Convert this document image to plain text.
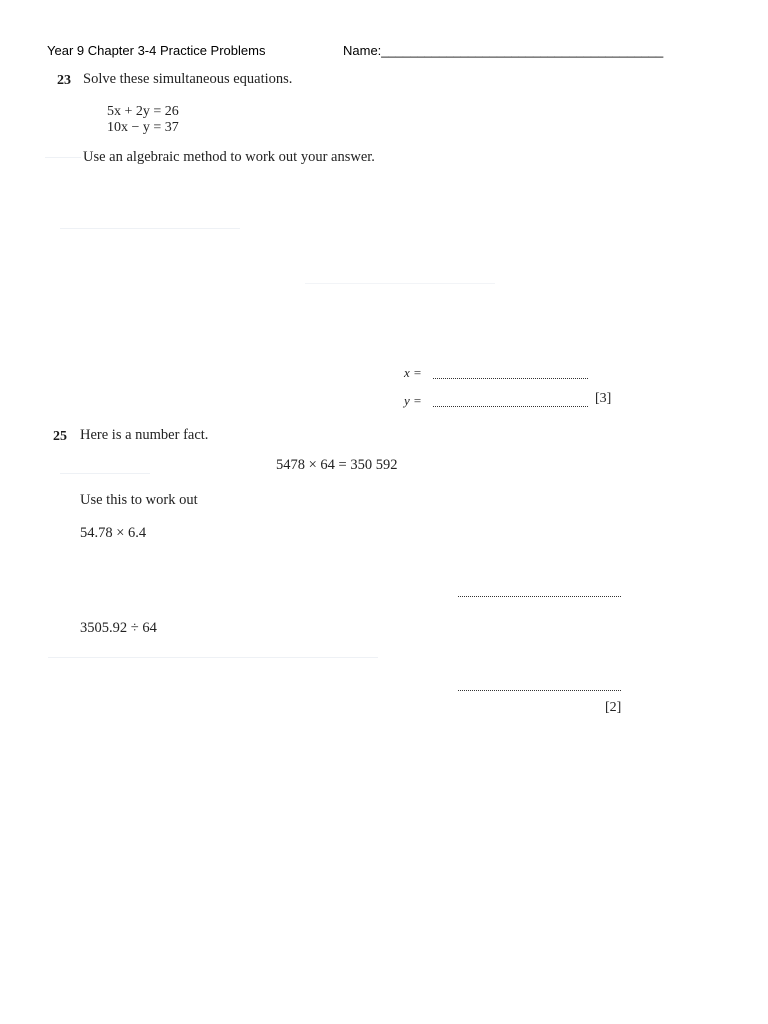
Year 9 Chapter 3-4 Practice Problems	Name:_______________________________________
23 Solve these simultaneous equations.
5x + 2y = 26
10x − y = 37
Use an algebraic method to work out your answer.
x =
y =	[3]
25 Here is a number fact.
5478 × 64 = 350 592
Use this to work out
54.78 × 6.4
3505.92 ÷ 64
[2]
